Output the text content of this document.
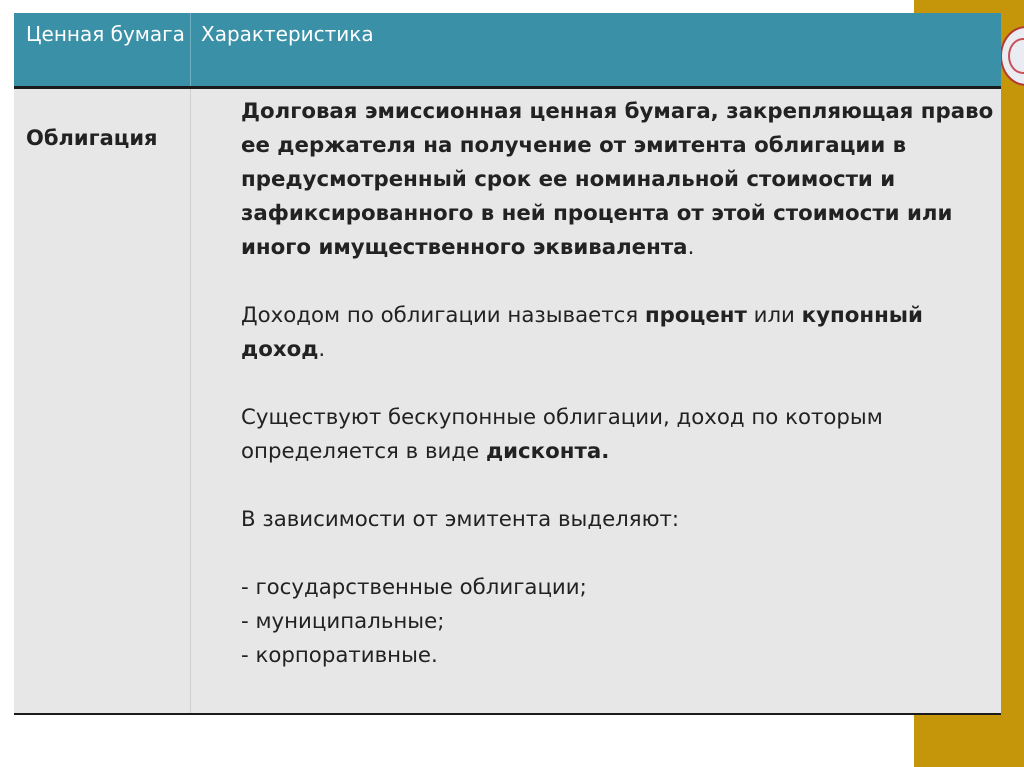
Ценная бумага Характеристика
Облигация

Долговая эмиссионная ценная бумага, закрепляющая право ее держателя на получение от эмитента облигации в предусмотренный срок ее номинальной стоимости и зафиксированного в ней процента от этой стоимости или иного имущественного эквивалента.

Доходом по облигации называется процент или купонный доход.

Существуют бескупонные облигации, доход по которым определяется в виде дисконта.

В зависимости от эмитента выделяют:

- государственные облигации;

- муниципальные;

- корпоративные.
